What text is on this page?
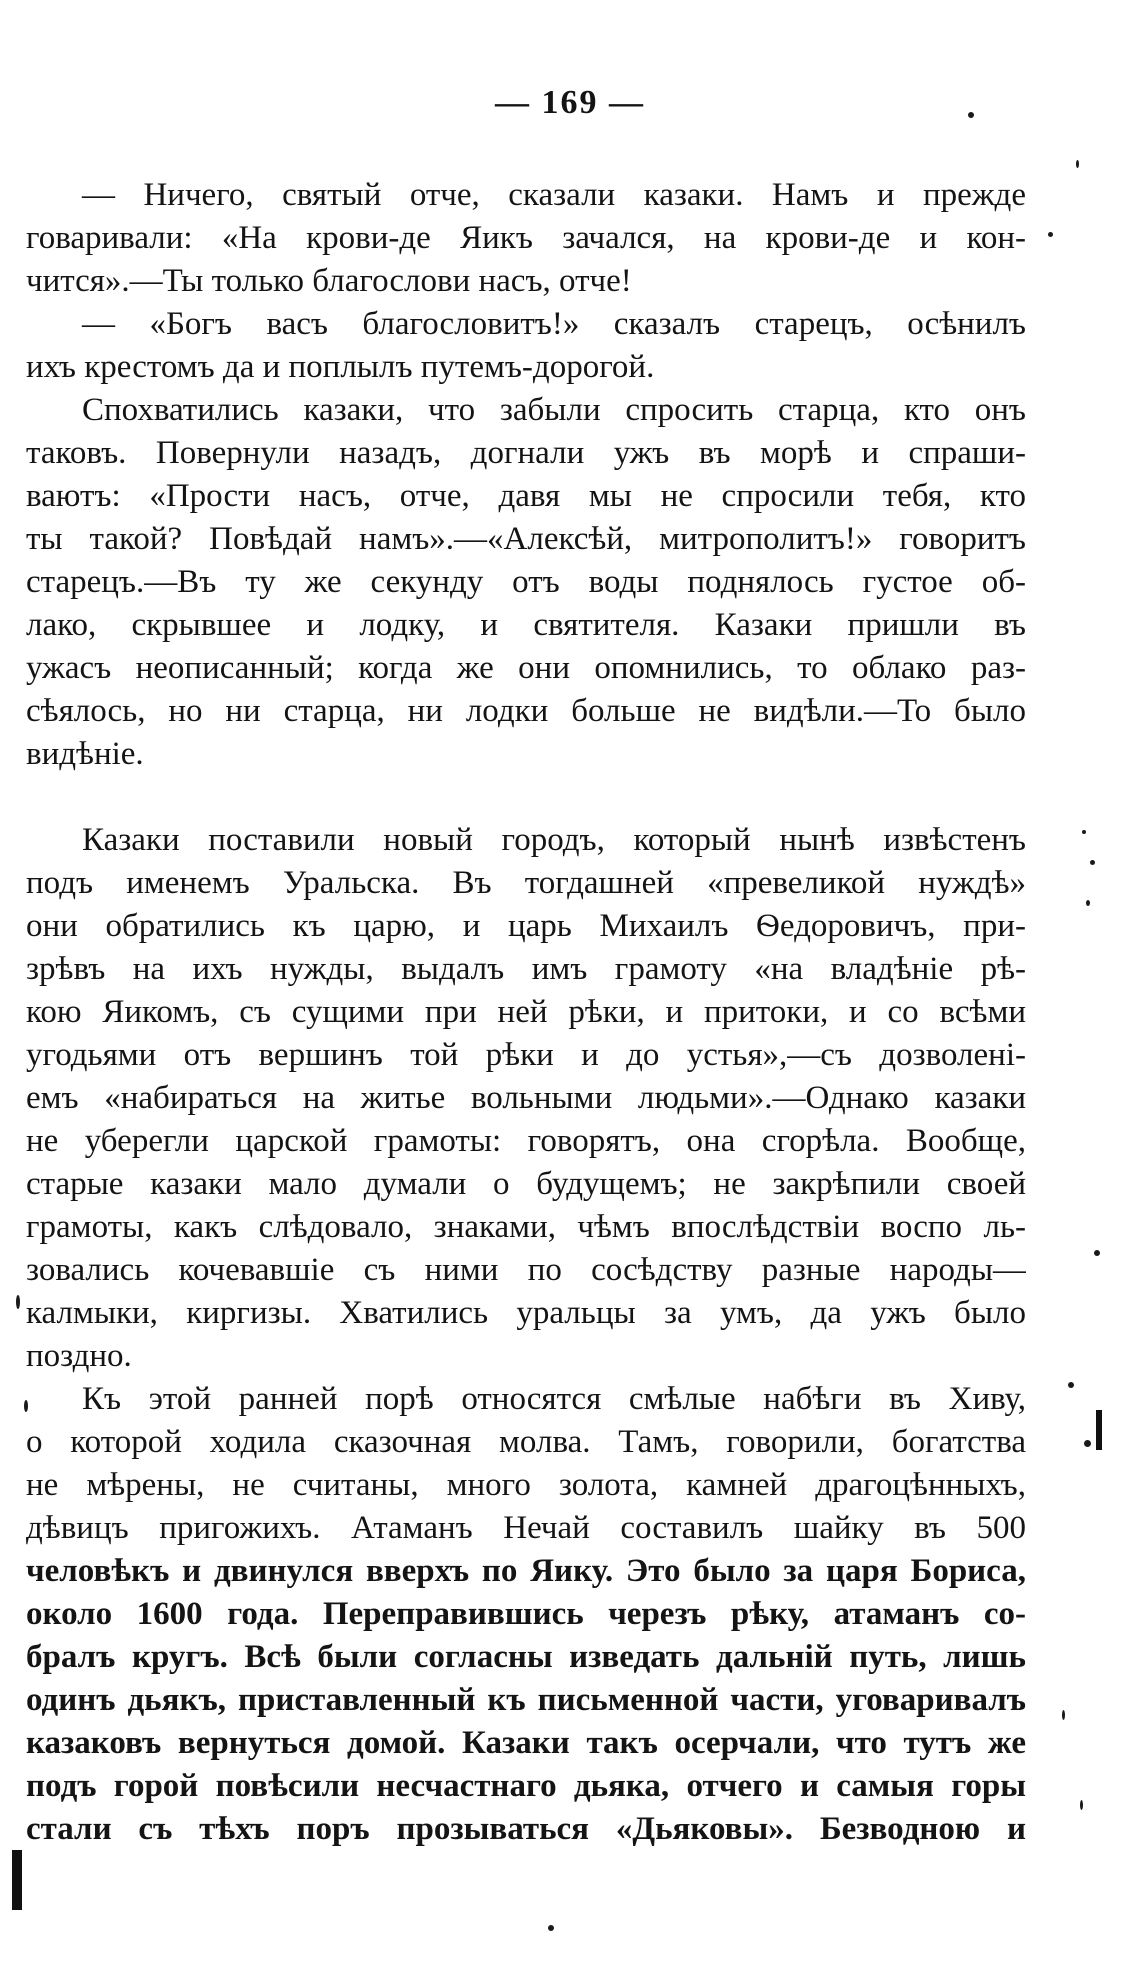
— 169 —
— Ничего, святый отче, сказали казаки. Намъ и прежде
говаривали: «На крови-де Яикъ зачался, на крови-де и кон-
чится».—Ты только благослови насъ, отче!
— «Богъ васъ благословитъ!» сказалъ старецъ, осѣнилъ
ихъ крестомъ да и поплылъ путемъ-дорогой.
Спохватились казаки, что забыли спросить старца, кто онъ
таковъ. Повернули назадъ, догнали ужъ въ морѣ и спраши-
ваютъ: «Прости насъ, отче, давя мы не спросили тебя, кто
ты такой? Повѣдай намъ».—«Алексѣй, митрополитъ!» говоритъ
старецъ.—Въ ту же секунду отъ воды поднялось густое об-
лако, скрывшее и лодку, и святителя. Казаки пришли въ
ужасъ неописанный; когда же они опомнились, то облако раз-
сѣялось, но ни старца, ни лодки больше не видѣли.—То было
видѣніе.
Казаки поставили новый городъ, который нынѣ извѣстенъ
подъ именемъ Уральска. Въ тогдашней «превеликой нуждѣ»
они обратились къ царю, и царь Михаилъ Ѳедоровичъ, при-
зрѣвъ на ихъ нужды, выдалъ имъ грамоту «на владѣніе рѣ-
кою Яикомъ, съ сущими при ней рѣки, и притоки, и со всѣми
угодьями отъ вершинъ той рѣки и до устья»,—съ дозволені-
емъ «набираться на житье вольными людьми».—Однако казаки
не уберегли царской грамоты: говорятъ, она сгорѣла. Вообще,
старые казаки мало думали о будущемъ; не закрѣпили своей
грамоты, какъ слѣдовало, знаками, чѣмъ впослѣдствіи воспо ль-
зовались кочевавшіе съ ними по сосѣдству разные народы—
калмыки, киргизы. Хватились уральцы за умъ, да ужъ было
поздно.
Къ этой ранней порѣ относятся смѣлые набѣги въ Хиву,
о которой ходила сказочная молва. Тамъ, говорили, богатства
не мѣрены, не считаны, много золота, камней драгоцѣнныхъ,
дѣвицъ пригожихъ. Атаманъ Нечай составилъ шайку въ 500
человѣкъ и двинулся вверхъ по Яику. Это было за царя Бориса,
около 1600 года. Переправившись черезъ рѣку, атаманъ со-
бралъ кругъ. Всѣ были согласны изведать дальній путь, лишь
одинъ дьякъ, приставленный къ письменной части, уговаривалъ
казаковъ вернуться домой. Казаки такъ осерчали, что тутъ же
подъ горой повѣсили несчастнаго дьяка, отчего и самыя горы
стали съ тѣхъ поръ прозываться «Дьяковы». Безводною и
